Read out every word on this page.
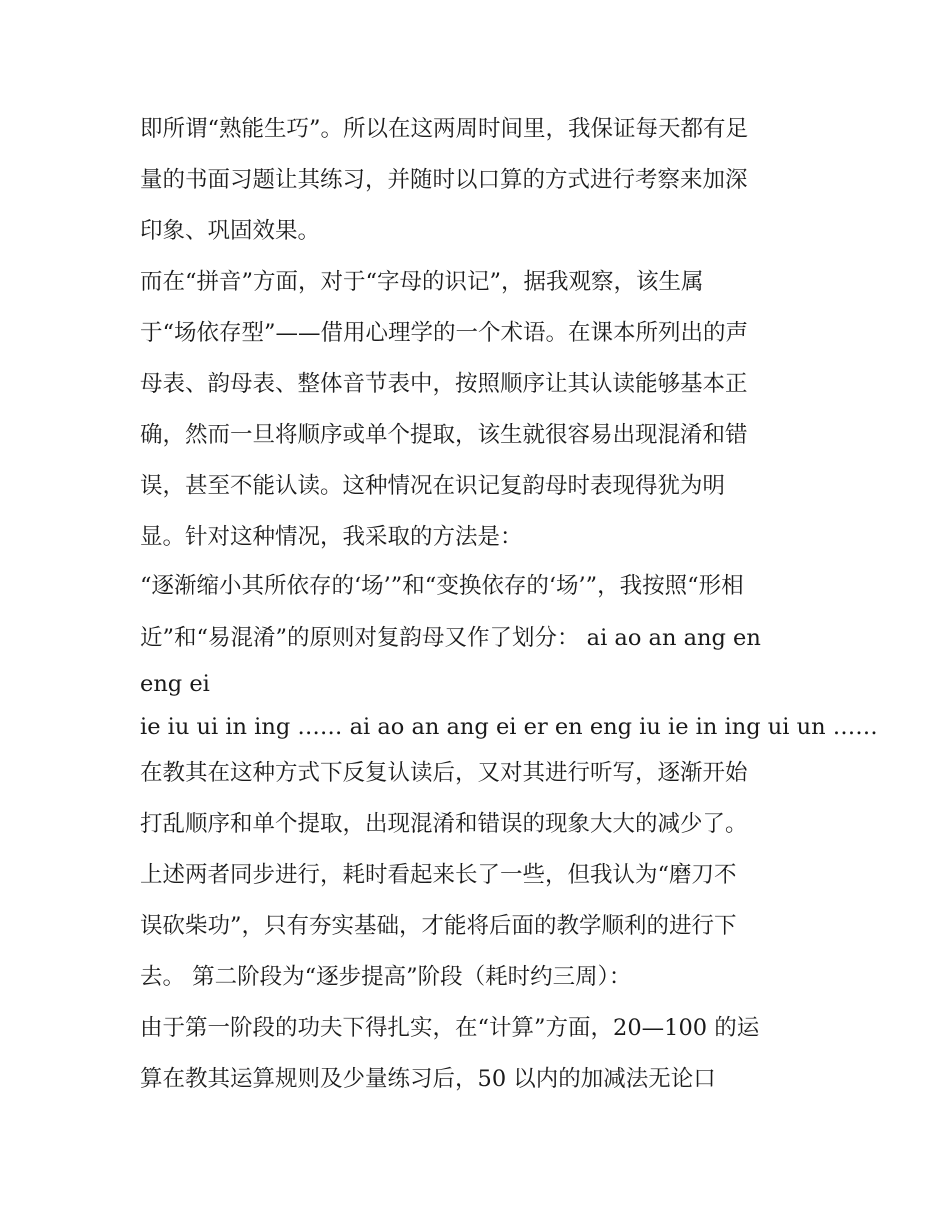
即所谓“熟能生巧”。所以在这两周时间里，我保证每天都有足
量的书面习题让其练习，并随时以口算的方式进行考察来加深
印象、巩固效果。
而在“拼音”方面，对于“字母的识记”，据我观察，该生属
于“场依存型”——借用心理学的一个术语。在课本所列出的声
母表、韵母表、整体音节表中，按照顺序让其认读能够基本正
确，然而一旦将顺序或单个提取，该生就很容易出现混淆和错
误，甚至不能认读。这种情况在识记复韵母时表现得犹为明
显。针对这种情况，我采取的方法是：
“逐渐缩小其所依存的‘场’”和“变换依存的‘场’”，我按照“形相
近”和“易混淆”的原则对复韵母又作了划分： ai ao an ang en
eng ei
ie iu ui in ing …… ai ao an ang ei er en eng iu ie in ing ui un ……
在教其在这种方式下反复认读后，又对其进行听写，逐渐开始
打乱顺序和单个提取，出现混淆和错误的现象大大的减少了。
上述两者同步进行，耗时看起来长了一些，但我认为“磨刀不
误砍柴功”，只有夯实基础，才能将后面的教学顺利的进行下
去。 第二阶段为“逐步提高”阶段（耗时约三周）：
由于第一阶段的功夫下得扎实，在“计算”方面，20—100 的运
算在教其运算规则及少量练习后，50 以内的加减法无论口
